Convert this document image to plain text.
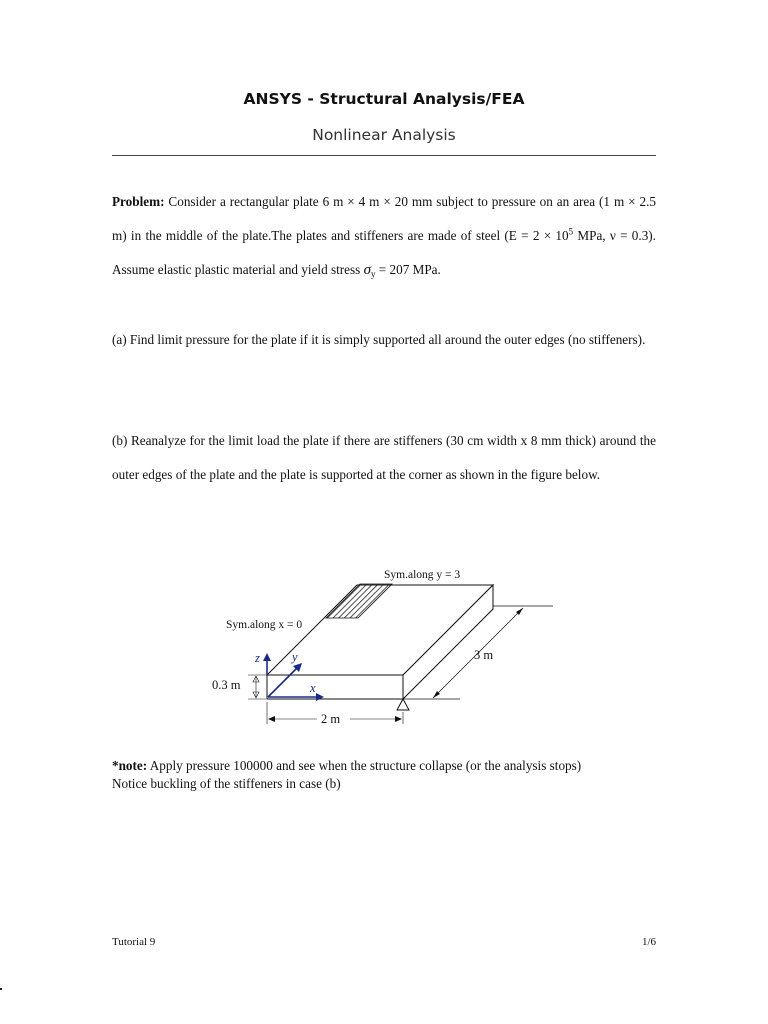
ANSYS - Structural Analysis/FEA
Nonlinear Analysis

Problem: Consider a rectangular plate 6 m × 4 m × 20 mm subject to pressure on an area (1 m × 2.5 m) in the middle of the plate.The plates and stiffeners are made of steel ($E = 2 \times 10^5$ MPa, ν = 0.3). Assume elastic plastic material and yield stress $\sigma_y = 207$ MPa.

(a) Find limit pressure for the plate if it is simply supported all around the outer edges (no stiffeners).

(b) Reanalyze for the limit load the plate if there are stiffeners (30 cm width x 8 mm thick) around the outer edges of the plate and the plate is supported at the corner as shown in the figure below.

3 m
Sym.along y = 3
Sym.along x = 0
0.3 m
2 m
z	y
x
*note: Apply pressure 100000 and see when the structure collapse (or the analysis stops)
Notice buckling of the stiffeners in case (b)
Tutorial 9	1/6
